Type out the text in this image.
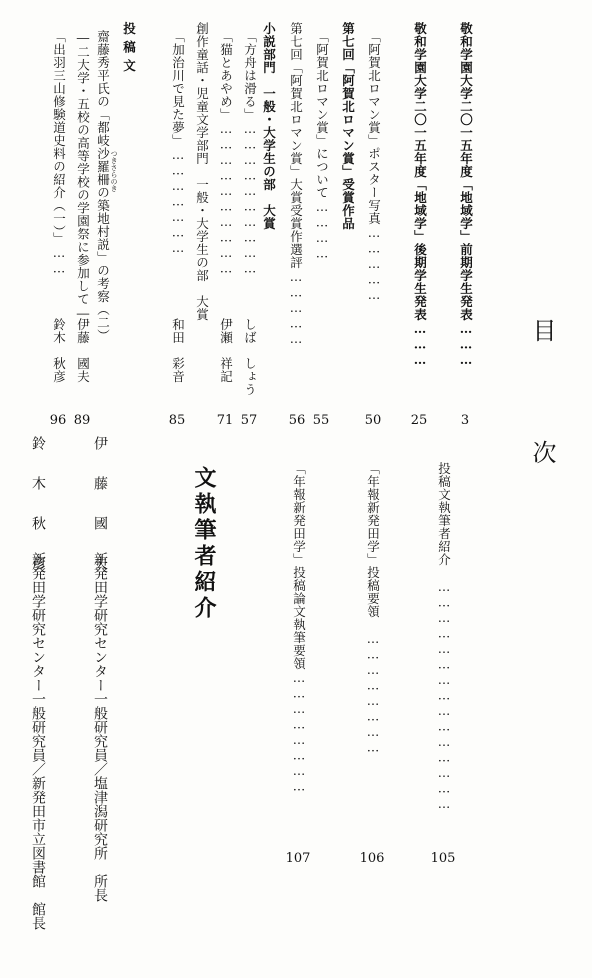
目
次
敬和学園大学二〇一五年度「地域学」前期学生発表………
3
敬和学園大学二〇一五年度「地域学」後期学生発表………
25
「阿賀北ロマン賞」ポスター写真……………
50
第七回「阿賀北ロマン賞」受賞作品
「阿賀北ロマン賞」について…………
55
第七回「阿賀北ロマン賞」大賞受賞作選評……………
56
小説部門　一般・大学生の部　大賞
「方舟は滑る」…………………………
しば　しょう
57
「猫とあやめ」…………………………
伊瀬　祥記
71
創作童話・児童文学部門　一般・大学生の部　大賞
「加治川で見た夢」…………………
和田　彩音
85
投稿文
齋藤秀平氏の「都岐沙羅柵の築地村説」の考察（二） つきさらのき
―二大学・五校の高等学校の学園祭に参加して―
伊藤　國夫
89
「出羽三山修験道史料の紹介（一）」……
鈴木　秋彦
96
投稿文執筆者紹介　………………………………………
105
「年報新発田学」投稿要領　……………………
106
「年報新発田学」投稿論文執筆要領……………………
107
文執筆者紹介
伊　藤　國　夫
新発田学研究センター一般研究員／塩津潟研究所　所長
鈴　木　秋　彦
新発田学研究センター一般研究員／新発田市立図書館　館長
